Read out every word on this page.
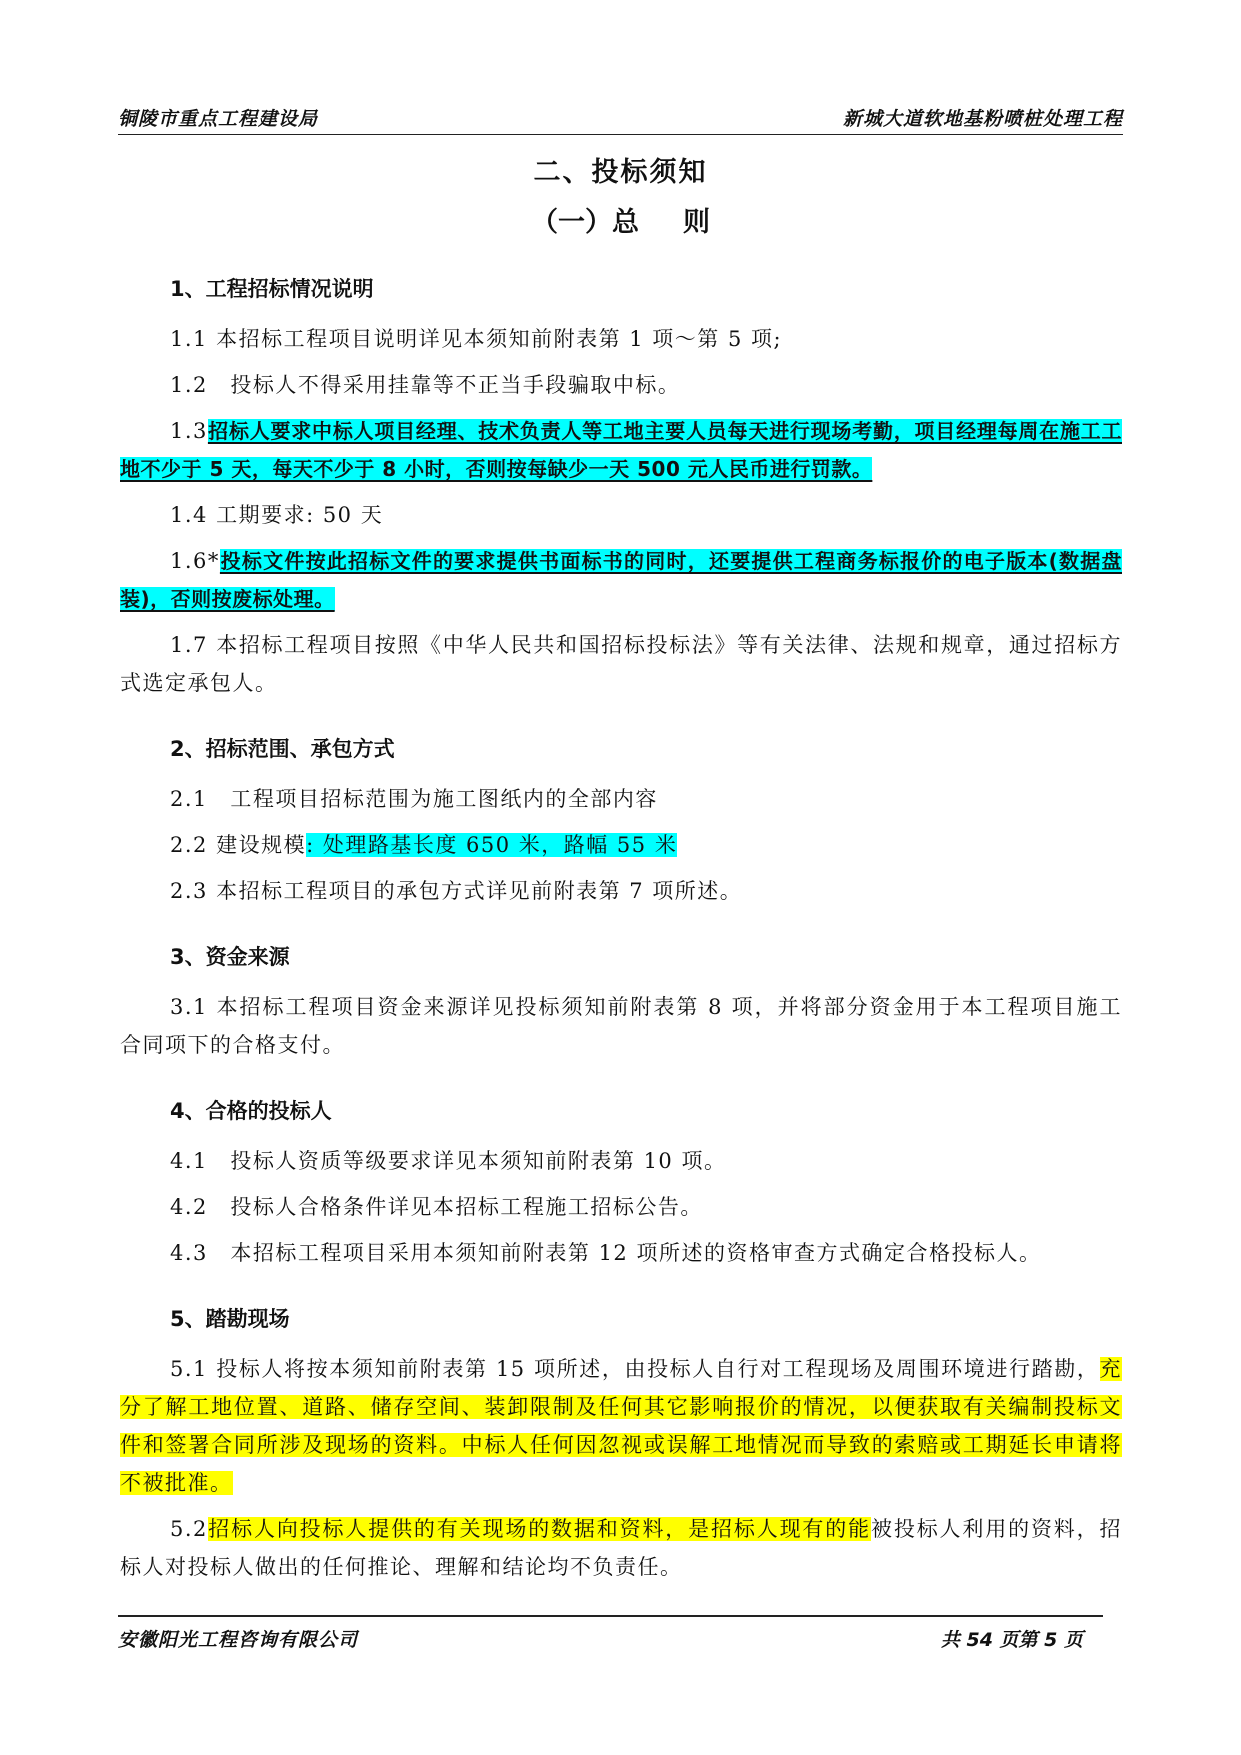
铜陵市重点工程建设局	新城大道软地基粉喷桩处理工程
二、投标须知
（一）总 则
1、工程招标情况说明
1.1 本招标工程项目说明详见本须知前附表第 1 项～第 5 项;
1.2　投标人不得采用挂靠等不正当手段骗取中标。
1.3招标人要求中标人项目经理、技术负责人等工地主要人员每天进行现场考勤，项目经理每周在施工工地不少于 5 天，每天不少于 8 小时，否则按每缺少一天 500 元人民币进行罚款。
1.4 工期要求: 50 天
1.6*投标文件按此招标文件的要求提供书面标书的同时，还要提供工程商务标报价的电子版本(数据盘装)，否则按废标处理。
1.7 本招标工程项目按照《中华人民共和国招标投标法》等有关法律、法规和规章，通过招标方式选定承包人。
2、招标范围、承包方式
2.1　工程项目招标范围为施工图纸内的全部内容
2.2 建设规模: 处理路基长度 650 米，路幅 55 米
2.3 本招标工程项目的承包方式详见前附表第 7 项所述。
3、资金来源
3.1 本招标工程项目资金来源详见投标须知前附表第 8 项，并将部分资金用于本工程项目施工合同项下的合格支付。
4、合格的投标人
4.1　投标人资质等级要求详见本须知前附表第 10 项。
4.2　投标人合格条件详见本招标工程施工招标公告。
4.3　本招标工程项目采用本须知前附表第 12 项所述的资格审查方式确定合格投标人。
5、踏勘现场
5.1 投标人将按本须知前附表第 15 项所述，由投标人自行对工程现场及周围环境进行踏勘，充分了解工地位置、道路、储存空间、装卸限制及任何其它影响报价的情况，以便获取有关编制投标文件和签署合同所涉及现场的资料。中标人任何因忽视或误解工地情况而导致的索赔或工期延长申请将不被批准。
5.2招标人向投标人提供的有关现场的数据和资料，是招标人现有的能被投标人利用的资料，招标人对投标人做出的任何推论、理解和结论均不负责任。
安徽阳光工程咨询有限公司	共 54 页第 5 页
